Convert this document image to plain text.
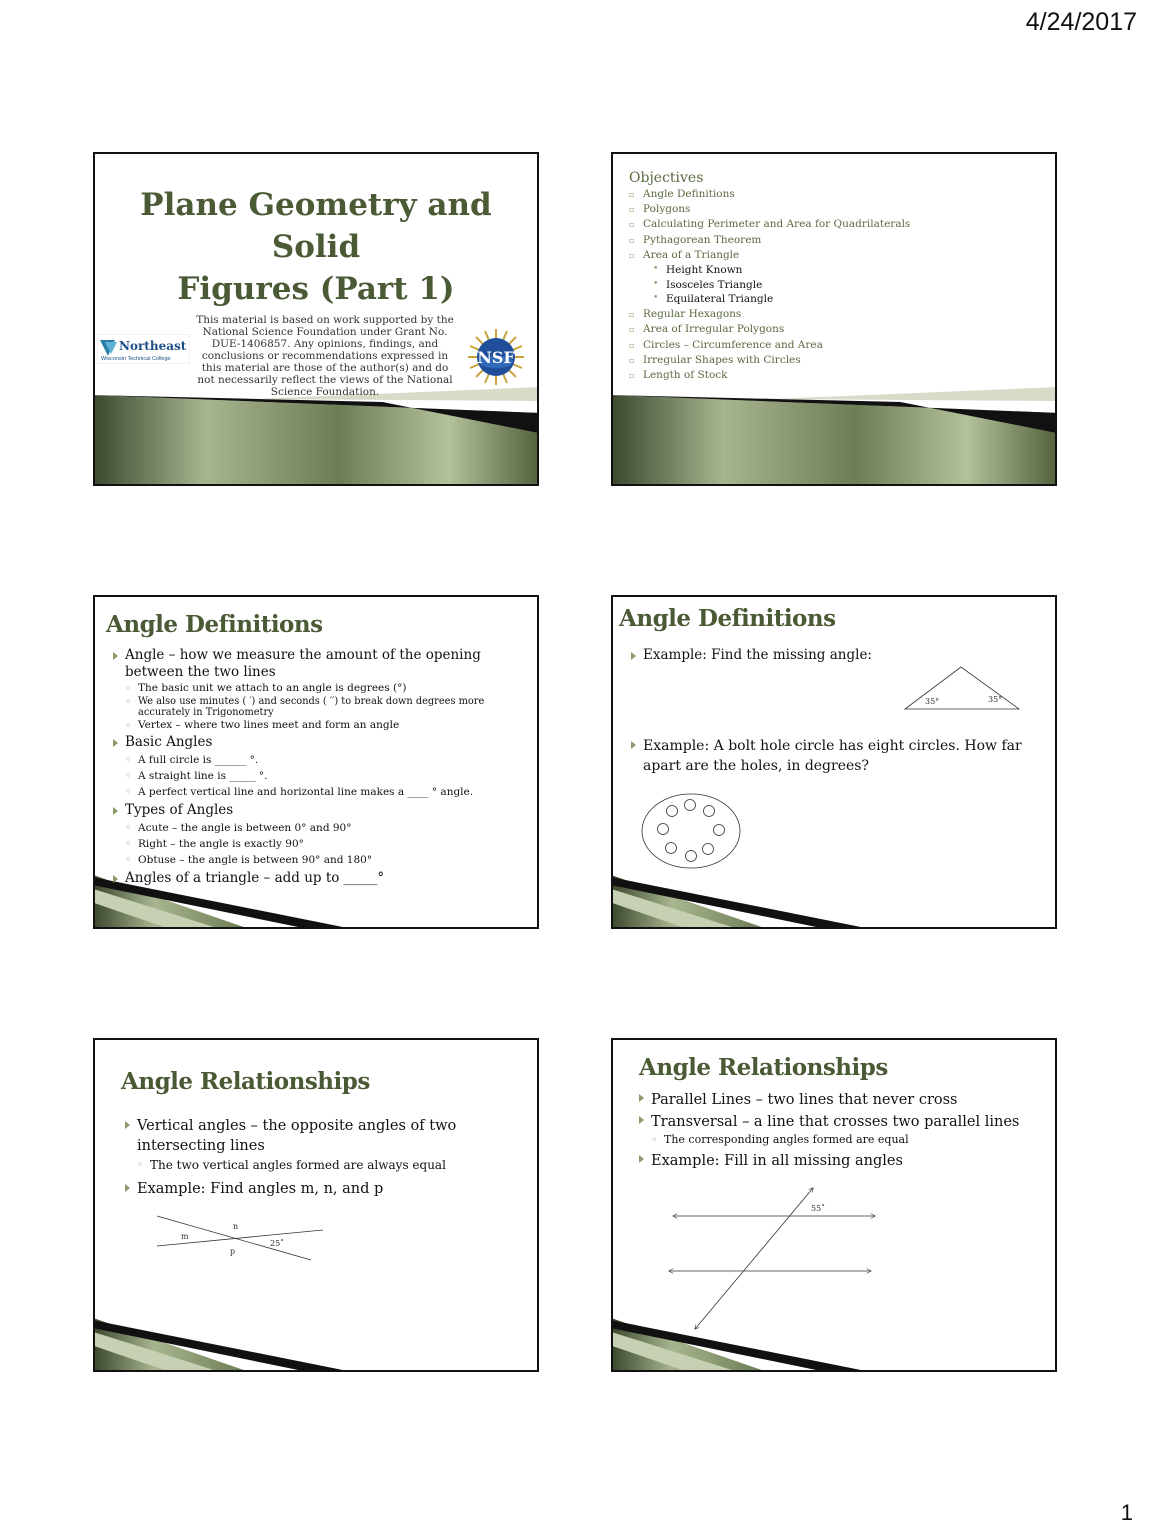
4/24/2017
Plane Geometry and Solid
Figures (Part 1)
Northeast
Wisconsin Technical College
This material is based on work supported by the
National Science Foundation under Grant No.
DUE-1406857. Any opinions, findings, and
conclusions or recommendations expressed in
this material are those of the author(s) and do
not necessarily reflect the views of the National
Science Foundation.
NSF
Objectives
▫ Angle Definitions
▫ Polygons
▫ Calculating Perimeter and Area for Quadrilaterals
▫ Pythagorean Theorem
▫ Area of a Triangle
• Height Known
• Isosceles Triangle
• Equilateral Triangle
▫ Regular Hexagons
▫ Area of Irregular Polygons
▫ Circles – Circumference and Area
▫ Irregular Shapes with Circles
▫ Length of Stock
Angle Definitions
Angle – how we measure the amount of the opening between the two lines
◦ The basic unit we attach to an angle is degrees (°)
◦ We also use minutes ( ′) and seconds ( ′′) to break down degrees more accurately in Trigonometry
◦ Vertex – where two lines meet and form an angle
Basic Angles
◦ A full circle is ______ °.
◦ A straight line is _____ °.
◦ A perfect vertical line and horizontal line makes a ____ ° angle.
Types of Angles
◦ Acute – the angle is between 0° and 90°
◦ Right – the angle is exactly 90°
◦ Obtuse – the angle is between 90° and 180°
Angles of a triangle – add up to _____°
Angle Definitions
Example: Find the missing angle:
35°	35°
Example: A bolt hole circle has eight circles. How far apart are the holes, in degrees?
Angle Relationships
Vertical angles – the opposite angles of two intersecting lines
◦ The two vertical angles formed are always equal
Example: Find angles m, n, and p
n
m
p
25˚
Angle Relationships
Parallel Lines – two lines that never cross
Transversal – a line that crosses two parallel lines
◦ The corresponding angles formed are equal
Example: Fill in all missing angles
55˚
1
